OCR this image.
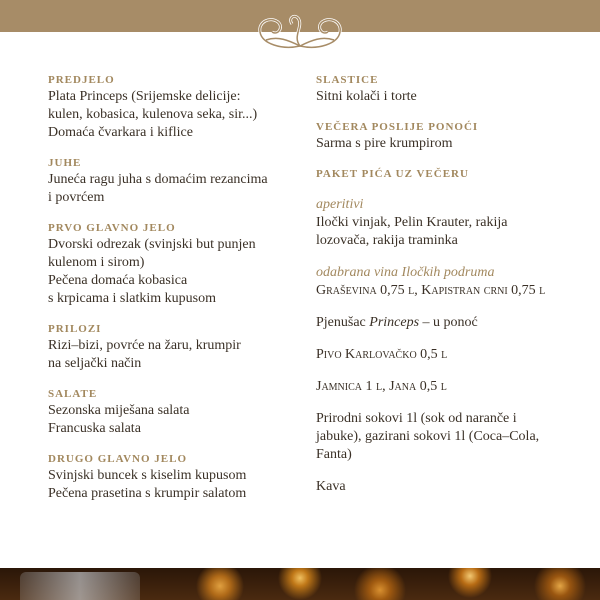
PREDJELO
Plata Princeps (Srijemske delicije:
kulen, kobasica, kulenova seka, sir...)
Domaća čvarkara i kiflice
JUHE
Juneća ragu juha s domaćim rezancima
i povrćem
PRVO GLAVNO JELO
Dvorski odrezak (svinjski but punjen
kulenom i sirom)
Pečena domaća kobasica
s krpicama i slatkim kupusom
PRILOZI
Rizi–bizi, povrće na žaru, krumpir
na seljački način
SALATE
Sezonska miješana salata
Francuska salata
DRUGO GLAVNO JELO
Svinjski buncek s kiselim kupusom
Pečena prasetina s krumpir salatom
SLASTICE
Sitni kolači i torte
VEČERA POSLIJE PONOĆI
Sarma s pire krumpirom
PAKET PIĆA UZ VEČERU
aperitivi
Iločki vinjak, Pelin Krauter, rakija
lozovača, rakija traminka
odabrana vina Iločkih podruma
Graševina 0,75 l, Kapistran crni 0,75 l
Pjenušac Princeps – u ponoć
Pivo Karlovačko 0,5 l
Jamnica 1 l, Jana 0,5 l
Prirodni sokovi 1l (sok od naranče i
jabuke), gazirani sokovi 1l (Coca–Cola,
Fanta)
Kava
